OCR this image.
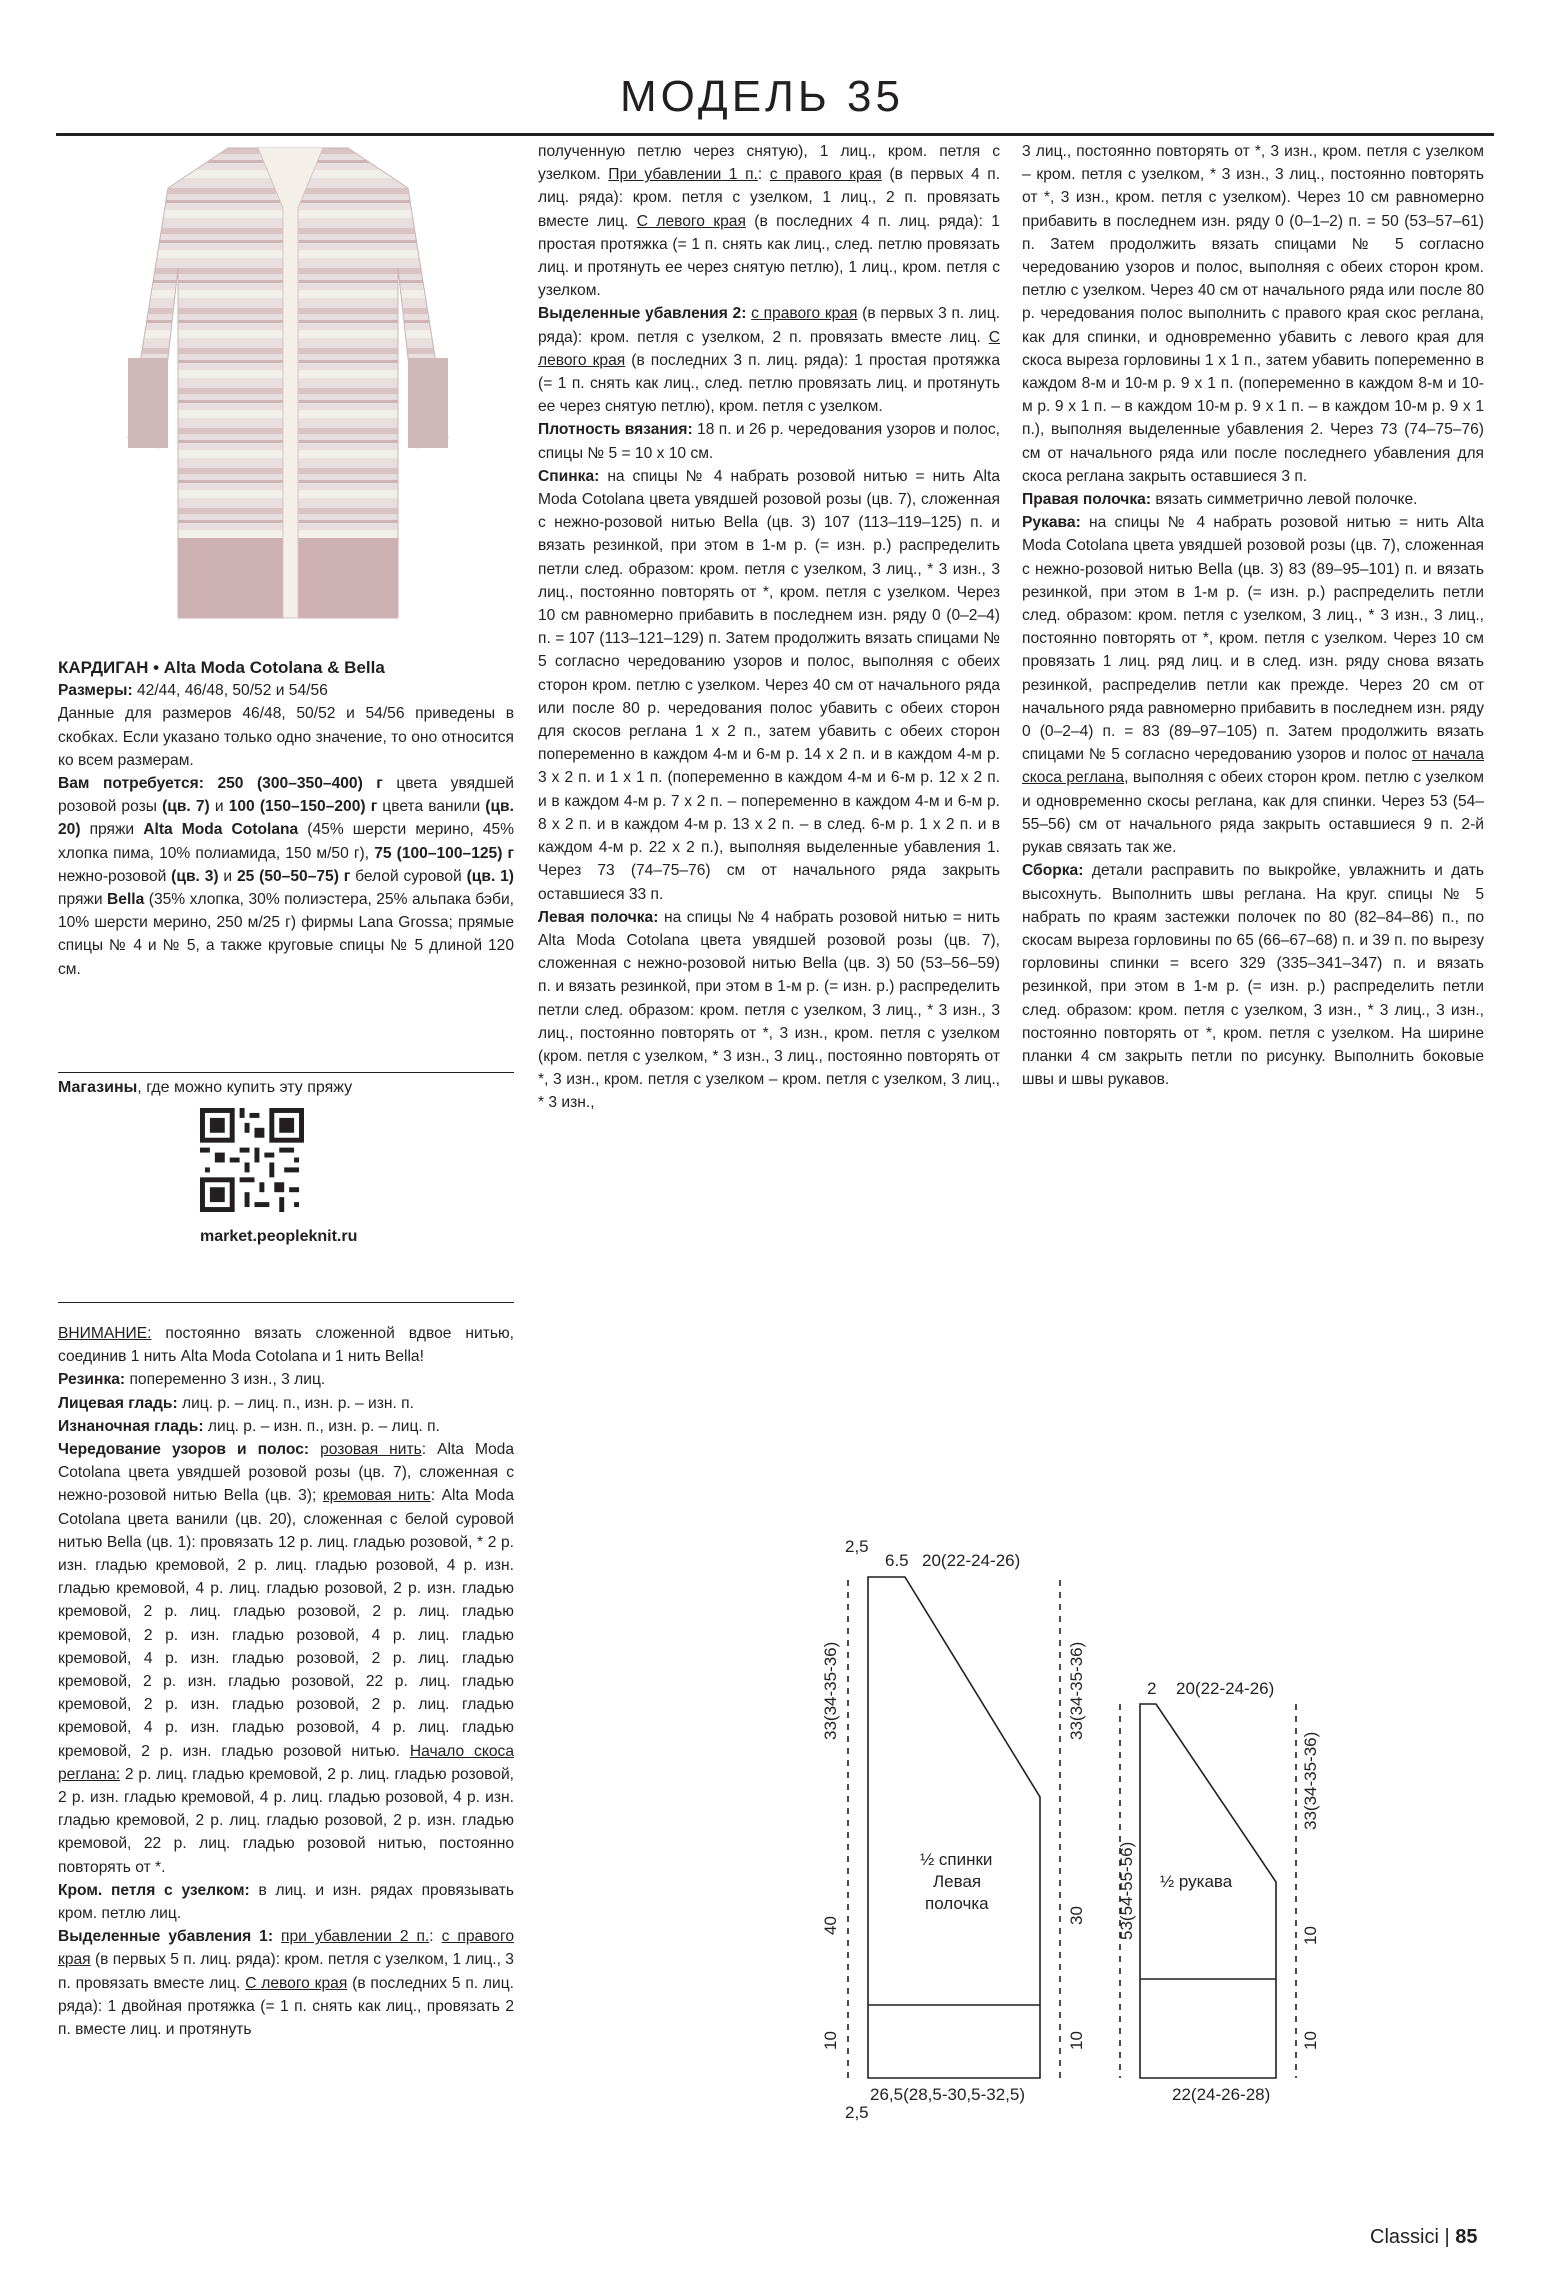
МОДЕЛЬ 35

КАРДИГАН • Alta Moda Cotolana & Bella

Размеры: 42/44, 46/48, 50/52 и 54/56

Данные для размеров 46/48, 50/52 и 54/56 приведены в скобках. Если указано только одно значение, то оно относится ко всем размерам.

Вам потребуется: 250 (300–350–400) г цвета увядшей розовой розы (цв. 7) и 100 (150–150–200) г цвета ванили (цв. 20) пряжи Alta Moda Cotolana (45% шерсти мерино, 45% хлопка пима, 10% полиамида, 150 м/50 г), 75 (100–100–125) г нежно-розовой (цв. 3) и 25 (50–50–75) г белой суровой (цв. 1) пряжи Bella (35% хлопка, 30% полиэстера, 25% альпака бэби, 10% шерсти мерино, 250 м/25 г) фирмы Lana Grossa; прямые спицы № 4 и № 5, а также круговые спицы № 5 длиной 120 см.

Магазины, где можно купить эту пряжу
market.peopleknit.ru

ВНИМАНИЕ: постоянно вязать сложенной вдвое нитью, соединив 1 нить Alta Moda Cotolana и 1 нить Bella!

Резинка: попеременно 3 изн., 3 лиц.

Лицевая гладь: лиц. р. – лиц. п., изн. р. – изн. п.

Изнаночная гладь: лиц. р. – изн. п., изн. р. – лиц. п.

Чередование узоров и полос: розовая нить: Alta Moda Cotolana цвета увядшей розовой розы (цв. 7), сложенная с нежно-розовой нитью Bella (цв. 3); кремовая нить: Alta Moda Cotolana цвета ванили (цв. 20), сложенная с белой суровой нитью Bella (цв. 1): провязать 12 р. лиц. гладью розовой, * 2 р. изн. гладью кремовой, 2 р. лиц. гладью розовой, 4 р. изн. гладью кремовой, 4 р. лиц. гладью розовой, 2 р. изн. гладью кремовой, 2 р. лиц. гладью розовой, 2 р. лиц. гладью кремовой, 2 р. изн. гладью розовой, 4 р. лиц. гладью кремовой, 4 р. изн. гладью розовой, 2 р. лиц. гладью кремовой, 2 р. изн. гладью розовой, 22 р. лиц. гладью кремовой, 2 р. изн. гладью розовой, 2 р. лиц. гладью кремовой, 4 р. изн. гладью розовой, 4 р. лиц. гладью кремовой, 2 р. изн. гладью розовой нитью. Начало скоса реглана: 2 р. лиц. гладью кремовой, 2 р. лиц. гладью розовой, 2 р. изн. гладью кремовой, 4 р. лиц. гладью розовой, 4 р. изн. гладью кремовой, 2 р. лиц. гладью розовой, 2 р. изн. гладью кремовой, 22 р. лиц. гладью розовой нитью, постоянно повторять от *.

Кром. петля с узелком: в лиц. и изн. рядах провязывать кром. петлю лиц.

Выделенные убавления 1: при убавлении 2 п.: с правого края (в первых 5 п. лиц. ряда): кром. петля с узелком, 1 лиц., 3 п. провязать вместе лиц. С левого края (в последних 5 п. лиц. ряда): 1 двойная протяжка (= 1 п. снять как лиц., провязать 2 п. вместе лиц. и протянуть

полученную петлю через снятую), 1 лиц., кром. петля с узелком. При убавлении 1 п.: с правого края (в первых 4 п. лиц. ряда): кром. петля с узелком, 1 лиц., 2 п. провязать вместе лиц. С левого края (в последних 4 п. лиц. ряда): 1 простая протяжка (= 1 п. снять как лиц., след. петлю провязать лиц. и протянуть ее через снятую петлю), 1 лиц., кром. петля с узелком.

Выделенные убавления 2: с правого края (в первых 3 п. лиц. ряда): кром. петля с узелком, 2 п. провязать вместе лиц. С левого края (в последних 3 п. лиц. ряда): 1 простая протяжка (= 1 п. снять как лиц., след. петлю провязать лиц. и протянуть ее через снятую петлю), кром. петля с узелком.

Плотность вязания: 18 п. и 26 р. чередования узоров и полос, спицы № 5 = 10 х 10 см.

Спинка: на спицы № 4 набрать розовой нитью = нить Alta Moda Cotolana цвета увядшей розовой розы (цв. 7), сложенная с нежно-розовой нитью Bella (цв. 3) 107 (113–119–125) п. и вязать резинкой, при этом в 1-м р. (= изн. р.) распределить петли след. образом: кром. петля с узелком, 3 лиц., * 3 изн., 3 лиц., постоянно повторять от *, кром. петля с узелком. Через 10 см равномерно прибавить в последнем изн. ряду 0 (0–2–4) п. = 107 (113–121–129) п. Затем продолжить вязать спицами № 5 согласно чередованию узоров и полос, выполняя с обеих сторон кром. петлю с узелком. Через 40 см от начального ряда или после 80 р. чередования полос убавить с обеих сторон для скосов реглана 1 х 2 п., затем убавить с обеих сторон попеременно в каждом 4-м и 6-м р. 14 х 2 п. и в каждом 4-м р. 3 х 2 п. и 1 х 1 п. (попеременно в каждом 4-м и 6-м р. 12 х 2 п. и в каждом 4-м р. 7 х 2 п. – попеременно в каждом 4-м и 6-м р. 8 х 2 п. и в каждом 4-м р. 13 х 2 п. – в след. 6-м р. 1 х 2 п. и в каждом 4-м р. 22 х 2 п.), выполняя выделенные убавления 1. Через 73 (74–75–76) см от начального ряда закрыть оставшиеся 33 п.

Левая полочка: на спицы № 4 набрать розовой нитью = нить Alta Moda Cotolana цвета увядшей розовой розы (цв. 7), сложенная с нежно-розовой нитью Bella (цв. 3) 50 (53–56–59) п. и вязать резинкой, при этом в 1-м р. (= изн. р.) распределить петли след. образом: кром. петля с узелком, 3 лиц., * 3 изн., 3 лиц., постоянно повторять от *, 3 изн., кром. петля с узелком (кром. петля с узелком, * 3 изн., 3 лиц., постоянно повторять от *, 3 изн., кром. петля с узелком – кром. петля с узелком, 3 лиц., * 3 изн.,

3 лиц., постоянно повторять от *, 3 изн., кром. петля с узелком – кром. петля с узелком, * 3 изн., 3 лиц., постоянно повторять от *, 3 изн., кром. петля с узелком). Через 10 см равномерно прибавить в последнем изн. ряду 0 (0–1–2) п. = 50 (53–57–61) п. Затем продолжить вязать спицами № 5 согласно чередованию узоров и полос, выполняя с обеих сторон кром. петлю с узелком. Через 40 см от начального ряда или после 80 р. чередования полос выполнить с правого края скос реглана, как для спинки, и одновременно убавить с левого края для скоса выреза горловины 1 х 1 п., затем убавить попеременно в каждом 8-м и 10-м р. 9 х 1 п. (попеременно в каждом 8-м и 10-м р. 9 х 1 п. – в каждом 10-м р. 9 х 1 п. – в каждом 10-м р. 9 х 1 п.), выполняя выделенные убавления 2. Через 73 (74–75–76) см от начального ряда или после последнего убавления для скоса реглана закрыть оставшиеся 3 п.

Правая полочка: вязать симметрично левой полочке.

Рукава: на спицы № 4 набрать розовой нитью = нить Alta Moda Cotolana цвета увядшей розовой розы (цв. 7), сложенная с нежно-розовой нитью Bella (цв. 3) 83 (89–95–101) п. и вязать резинкой, при этом в 1-м р. (= изн. р.) распределить петли след. образом: кром. петля с узелком, 3 лиц., * 3 изн., 3 лиц., постоянно повторять от *, кром. петля с узелком. Через 10 см провязать 1 лиц. ряд лиц. и в след. изн. ряду снова вязать резинкой, распределив петли как прежде. Через 20 см от начального ряда равномерно прибавить в последнем изн. ряду 0 (0–2–4) п. = 83 (89–97–105) п. Затем продолжить вязать спицами № 5 согласно чередованию узоров и полос от начала скоса реглана, выполняя с обеих сторон кром. петлю с узелком и одновременно скосы реглана, как для спинки. Через 53 (54–55–56) см от начального ряда закрыть оставшиеся 9 п. 2-й рукав связать так же.

Сборка: детали расправить по выкройке, увлажнить и дать высохнуть. Выполнить швы реглана. На круг. спицы № 5 набрать по краям застежки полочек по 80 (82–84–86) п., по скосам выреза горловины по 65 (66–67–68) п. и 39 п. по вырезу горловины спинки = всего 329 (335–341–347) п. и вязать резинкой, при этом в 1-м р. (= изн. р.) распределить петли след. образом: кром. петля с узелком, 3 изн., * 3 лиц., 3 изн., постоянно повторять от *, кром. петля с узелком. На ширине планки 4 см закрыть петли по рисунку. Выполнить боковые швы и швы рукавов.

2,5
6.5 20(22-24-26)
33(34-35-36)
40
10
33(34-35-36)
30
10
½ спинки
Левая
полочка
26,5(28,5-30,5-32,5)
2,5
2 20(22-24-26)
53(54-55-56)
33(34-35-36)
10
10
½ рукава
22(24-26-28)
Classici | 85
